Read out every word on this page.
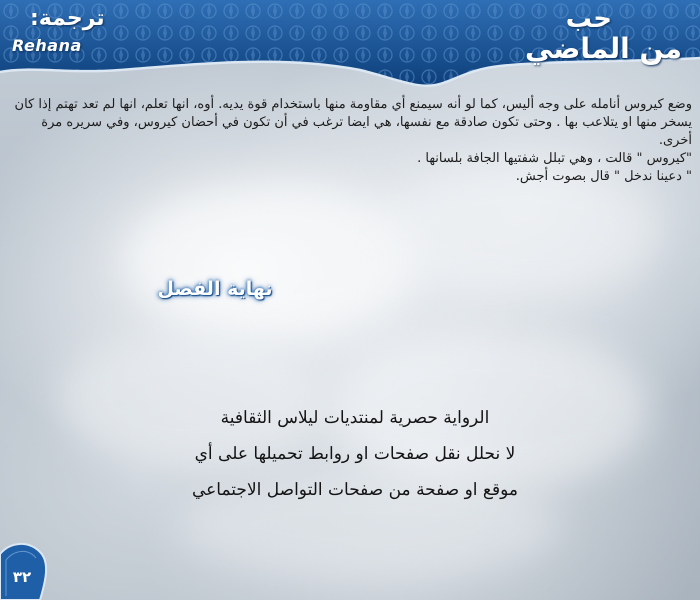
حب
من الماضي
ترجمة:
Rehana

وضع كيروس أنامله على وجه أليس، كما لو أنه سيمنع أي مقاومة منها باستخدام قوة يديه. أوه، انها تعلم، انها لم تعد تهتم إذا كان يسخر منها او يتلاعب بها . وحتى تكون صادقة مع نفسها، هي ايضا ترغب في أن تكون في أحضان كيروس، وفي سريره مرة أخرى.

"كيروس " قالت ، وهي تبلل شفتيها الجافة بلسانها .

" دعينا ندخل " قال بصوت أجش.

نهاية الفصل

الرواية حصرية لمنتديات ليلاس الثقافية

لا نحلل نقل صفحات او روابط تحميلها على أي

موقع او صفحة من صفحات التواصل الاجتماعي

٣٢
